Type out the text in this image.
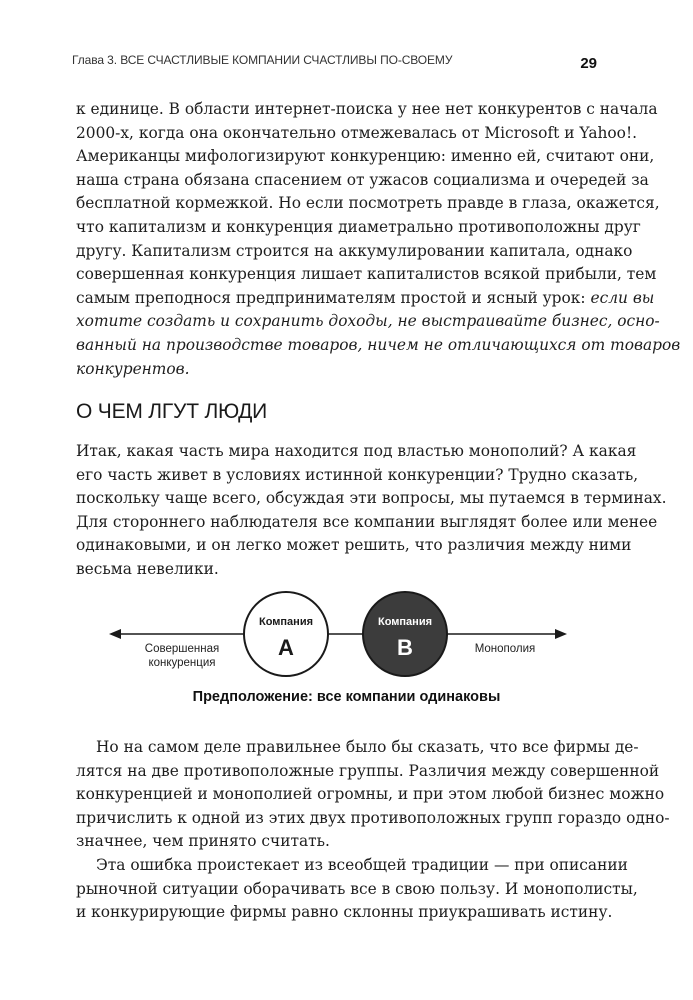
Глава 3. ВСЕ СЧАСТЛИВЫЕ КОМПАНИИ СЧАСТЛИВЫ ПО-СВОЕМУ	29
к единице. В области интернет-поиска у нее нет конкурентов с начала
2000-х, когда она окончательно отмежевалась от Microsoft и Yahoo!.
Американцы мифологизируют конкуренцию: именно ей, считают они,
наша страна обязана спасением от ужасов социализма и очередей за
бесплатной кормежкой. Но если посмотреть правде в глаза, окажется,
что капитализм и конкуренция диаметрально противоположны друг
другу. Капитализм строится на аккумулировании капитала, однако
совершенная конкуренция лишает капиталистов всякой прибыли, тем
самым преподнося предпринимателям простой и ясный урок: если вы
хотите создать и сохранить доходы, не выстраивайте бизнес, осно-
ванный на производстве товаров, ничем не отличающихся от товаров
конкурентов.
О ЧЕМ ЛГУТ ЛЮДИ
Итак, какая часть мира находится под властью монополий? А какая
его часть живет в условиях истинной конкуренции? Трудно сказать,
поскольку чаще всего, обсуждая эти вопросы, мы путаемся в терминах.
Для стороннего наблюдателя все компании выглядят более или менее
одинаковыми, и он легко может решить, что различия между ними
весьма невелики.
Совершенная
конкуренция
Монополия
Компания
A
Компания
B
Предположение: все компании одинаковы
Но на самом деле правильнее было бы сказать, что все фирмы де-
лятся на две противоположные группы. Различия между совершенной
конкуренцией и монополией огромны, и при этом любой бизнес можно
причислить к одной из этих двух противоположных групп гораздо одно-
значнее, чем принято считать.
Эта ошибка проистекает из всеобщей традиции — при описании
рыночной ситуации оборачивать все в свою пользу. И монополисты,
и конкурирующие фирмы равно склонны приукрашивать истину.
